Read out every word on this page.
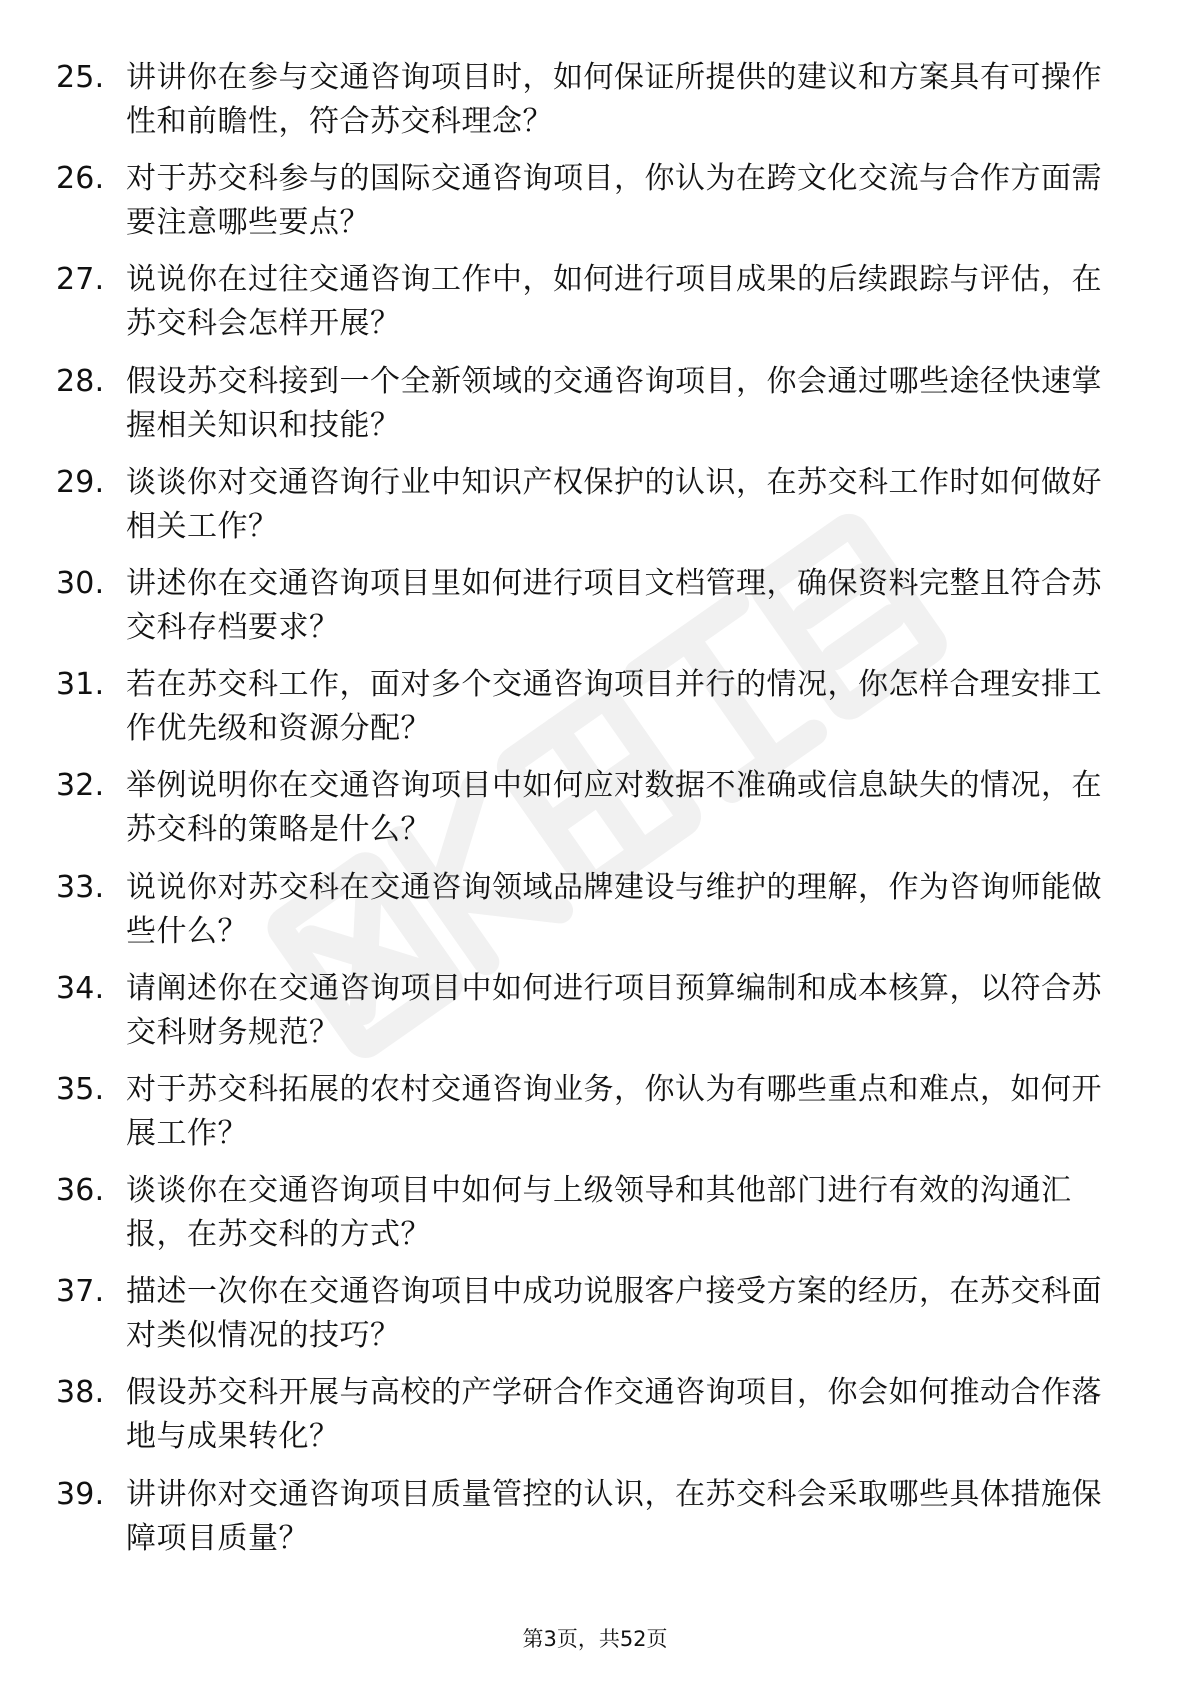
25. 讲讲你在参与交通咨询项目时，如何保证所提供的建议和方案具有可操作性和前瞻性，符合苏交科理念？
26. 对于苏交科参与的国际交通咨询项目，你认为在跨文化交流与合作方面需要注意哪些要点？
27. 说说你在过往交通咨询工作中，如何进行项目成果的后续跟踪与评估，在苏交科会怎样开展？
28. 假设苏交科接到一个全新领域的交通咨询项目，你会通过哪些途径快速掌握相关知识和技能？
29. 谈谈你对交通咨询行业中知识产权保护的认识，在苏交科工作时如何做好相关工作？
30. 讲述你在交通咨询项目里如何进行项目文档管理，确保资料完整且符合苏交科存档要求？
31. 若在苏交科工作，面对多个交通咨询项目并行的情况，你怎样合理安排工作优先级和资源分配？
32. 举例说明你在交通咨询项目中如何应对数据不准确或信息缺失的情况，在苏交科的策略是什么？
33. 说说你对苏交科在交通咨询领域品牌建设与维护的理解，作为咨询师能做些什么？
34. 请阐述你在交通咨询项目中如何进行项目预算编制和成本核算，以符合苏交科财务规范？
35. 对于苏交科拓展的农村交通咨询业务，你认为有哪些重点和难点，如何开展工作？
36. 谈谈你在交通咨询项目中如何与上级领导和其他部门进行有效的沟通汇报，在苏交科的方式？
37. 描述一次你在交通咨询项目中成功说服客户接受方案的经历，在苏交科面对类似情况的技巧？
38. 假设苏交科开展与高校的产学研合作交通咨询项目，你会如何推动合作落地与成果转化？
39. 讲讲你对交通咨询项目质量管控的认识，在苏交科会采取哪些具体措施保障项目质量？
第3页，共52页
